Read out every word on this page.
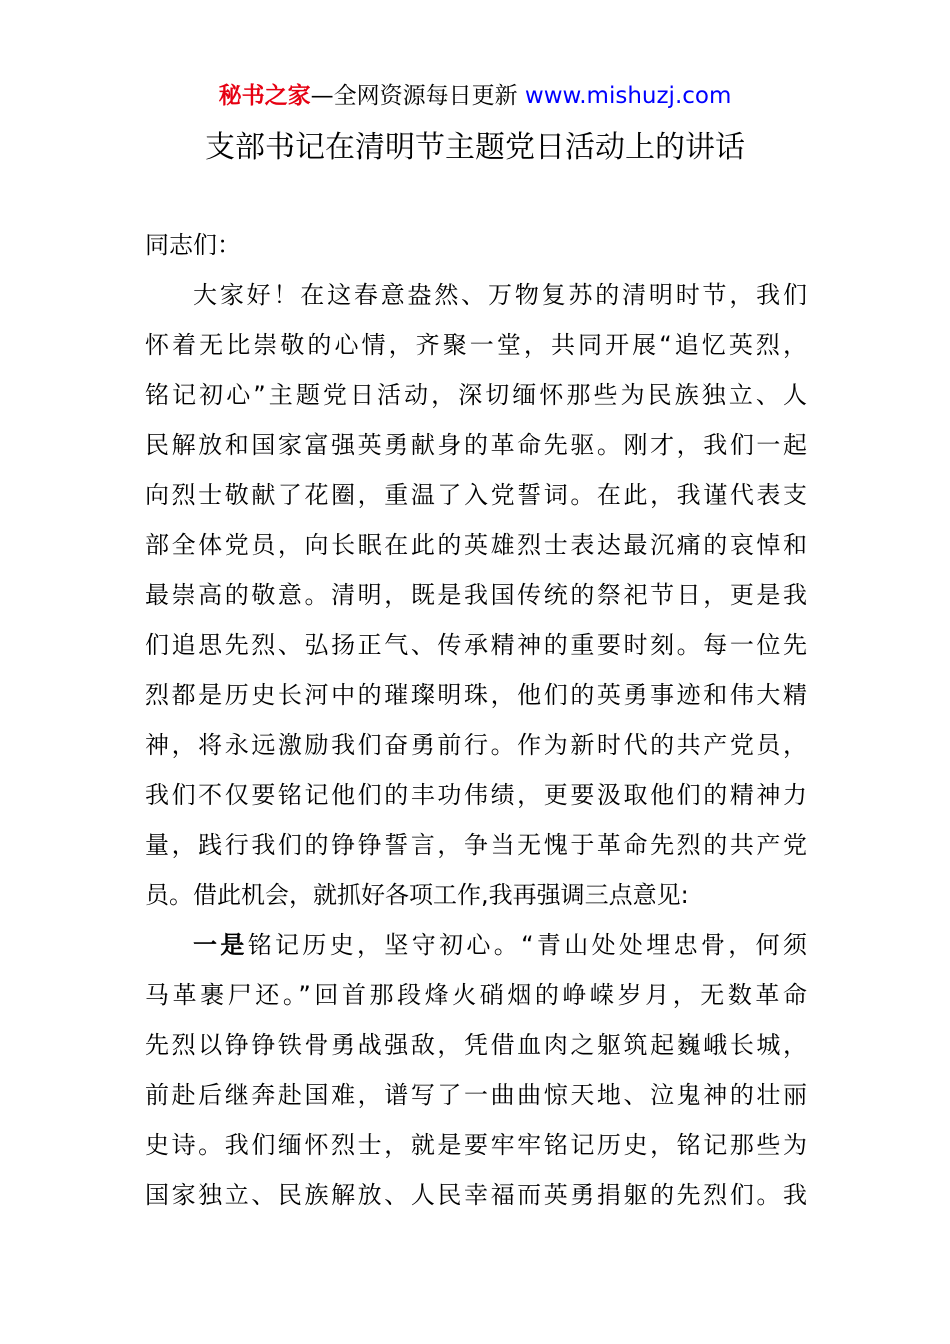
秘书之家—全网资源每日更新 www.mishuzj.com
支部书记在清明节主题党日活动上的讲话
同志们：
大家好！在这春意盎然、万物复苏的清明时节，我们
怀着无比崇敬的心情，齐聚一堂，共同开展“追忆英烈，
铭记初心”主题党日活动，深切缅怀那些为民族独立、人
民解放和国家富强英勇献身的革命先驱。刚才，我们一起
向烈士敬献了花圈，重温了入党誓词。在此，我谨代表支
部全体党员，向长眠在此的英雄烈士表达最沉痛的哀悼和
最崇高的敬意。清明，既是我国传统的祭祀节日，更是我
们追思先烈、弘扬正气、传承精神的重要时刻。每一位先
烈都是历史长河中的璀璨明珠，他们的英勇事迹和伟大精
神，将永远激励我们奋勇前行。作为新时代的共产党员，
我们不仅要铭记他们的丰功伟绩，更要汲取他们的精神力
量，践行我们的铮铮誓言，争当无愧于革命先烈的共产党
员。借此机会，就抓好各项工作,我再强调三点意见:
一是铭记历史，坚守初心。“青山处处埋忠骨，何须
马革裹尸还。”回首那段烽火硝烟的峥嵘岁月，无数革命
先烈以铮铮铁骨勇战强敌，凭借血肉之躯筑起巍峨长城，
前赴后继奔赴国难，谱写了一曲曲惊天地、泣鬼神的壮丽
史诗。我们缅怀烈士，就是要牢牢铭记历史，铭记那些为
国家独立、民族解放、人民幸福而英勇捐躯的先烈们。我
